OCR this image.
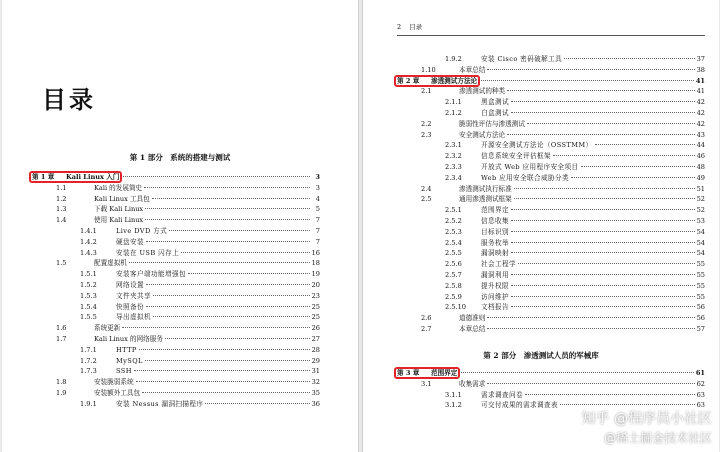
目录
第 1 部分　系统的搭建与测试
第 1 章	Kali Linux 入门	3
1.1	Kali 的发展简史	3
1.2	Kali Linux 工具包	4
1.3	下载 Kali Linux	5
1.4	使用 Kali Linux	7
1.4.1	Live DVD 方式	7
1.4.2	硬盘安装	7
1.4.3	安装在 USB 闪存上	16
1.5	配置虚拟机	18
1.5.1	安装客户端功能增强包	19
1.5.2	网络设置	20
1.5.3	文件夹共享	23
1.5.4	快照备份	25
1.5.5	导出虚拟机	25
1.6	系统更新	26
1.7	Kali Linux 的网络服务	27
1.7.1	HTTP	28
1.7.2	MySQL	29
1.7.3	SSH	31
1.8	安装脆弱系统	32
1.9	安装额外工具包	35
1.9.1	安装 Nessus 漏洞扫描程序	36
2 目录
1.9.2	安装 Cisco 密码破解工具	37
1.10	本章总结	38
第 2 章	渗透测试方法论	41
2.1	渗透测试的种类	41
2.1.1	黑盒测试	42
2.1.2	白盒测试	42
2.2	脆弱性评估与渗透测试	42
2.3	安全测试方法论	43
2.3.1	开源安全测试方法论（OSSTMM）	44
2.3.2	信息系统安全评估框架	46
2.3.3	开放式 Web 应用程序安全项目	48
2.3.4	Web 应用安全联合威胁分类	49
2.4	渗透测试执行标准	51
2.5	通用渗透测试框架	52
2.5.1	范围界定	52
2.5.2	信息收集	53
2.5.3	目标识别	54
2.5.4	服务枚举	54
2.5.5	漏洞映射	54
2.5.6	社会工程学	55
2.5.7	漏洞利用	55
2.5.8	提升权限	55
2.5.9	访问维护	55
2.5.10	文档报告	56
2.6	道德准则	56
2.7	本章总结	57
第 2 部分　渗透测试人员的军械库
第 3 章	范围界定	61
3.1	收集需求	62
3.1.1	需求调查问卷	63
3.1.2	可交付成果的需求调查表	63
知乎 @程序员小社区
@稀土掘金技术社区
